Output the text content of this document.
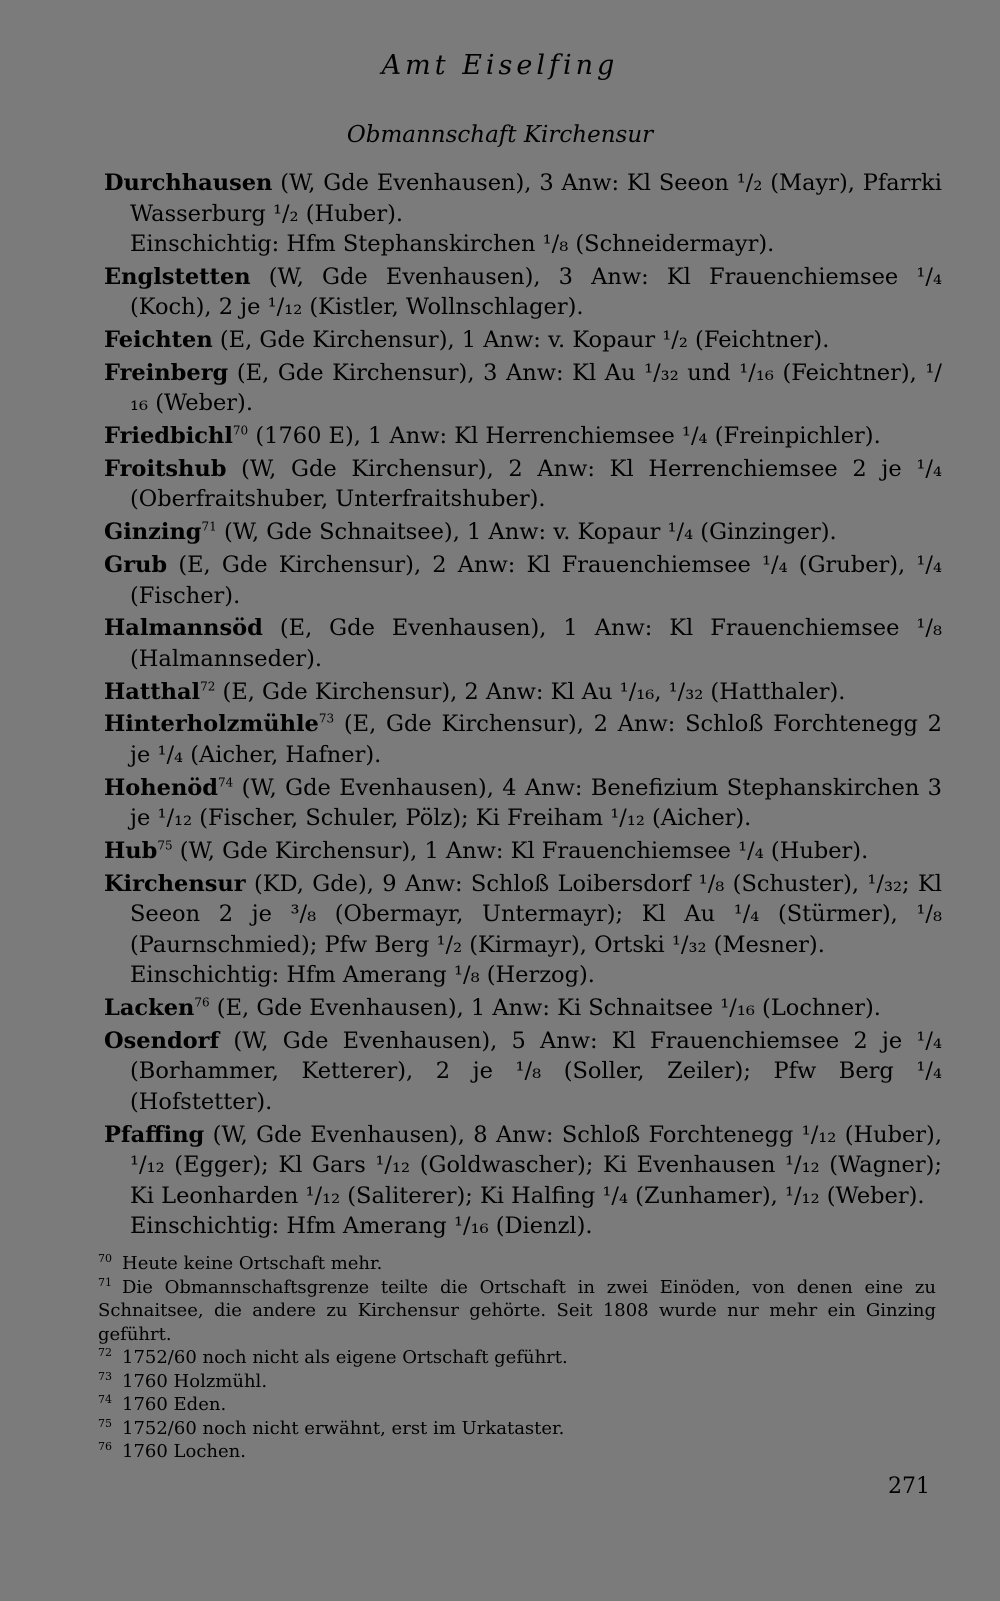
Amt Eiselfing
Obmannschaft Kirchensur

Durchhausen (W, Gde Evenhausen), 3 Anw: Kl Seeon ¹/₂ (Mayr), Pfarrki Wasserburg ¹/₂ (Huber).
Einschichtig: Hfm Stephanskirchen ¹/₈ (Schneidermayr).

Englstetten (W, Gde Evenhausen), 3 Anw: Kl Frauenchiemsee ¹/₄ (Koch), 2 je ¹/₁₂ (Kistler, Wollnschlager).

Feichten (E, Gde Kirchensur), 1 Anw: v. Kopaur ¹/₂ (Feichtner).

Freinberg (E, Gde Kirchensur), 3 Anw: Kl Au ¹/₃₂ und ¹/₁₆ (Feichtner), ¹/₁₆ (Weber).

Friedbichl$^{70}$ (1760 E), 1 Anw: Kl Herrenchiemsee ¹/₄ (Freinpichler).

Froitshub (W, Gde Kirchensur), 2 Anw: Kl Herrenchiemsee 2 je ¹/₄ (Oberfraitshuber, Unterfraitshuber).

Ginzing$^{71}$ (W, Gde Schnaitsee), 1 Anw: v. Kopaur ¹/₄ (Ginzinger).

Grub (E, Gde Kirchensur), 2 Anw: Kl Frauenchiemsee ¹/₄ (Gruber), ¹/₄ (Fischer).

Halmannsöd (E, Gde Evenhausen), 1 Anw: Kl Frauenchiemsee ¹/₈ (Halmannseder).

Hatthal$^{72}$ (E, Gde Kirchensur), 2 Anw: Kl Au ¹/₁₆, ¹/₃₂ (Hatthaler).

Hinterholzmühle$^{73}$ (E, Gde Kirchensur), 2 Anw: Schloß Forchtenegg 2 je ¹/₄ (Aicher, Hafner).

Hohenöd$^{74}$ (W, Gde Evenhausen), 4 Anw: Benefizium Stephanskirchen 3 je ¹/₁₂ (Fischer, Schuler, Pölz); Ki Freiham ¹/₁₂ (Aicher).

Hub$^{75}$ (W, Gde Kirchensur), 1 Anw: Kl Frauenchiemsee ¹/₄ (Huber).

Kirchensur (KD, Gde), 9 Anw: Schloß Loibersdorf ¹/₈ (Schuster), ¹/₃₂; Kl Seeon 2 je ³/₈ (Obermayr, Untermayr); Kl Au ¹/₄ (Stürmer), ¹/₈ (Paurnschmied); Pfw Berg ¹/₂ (Kirmayr), Ortski ¹/₃₂ (Mesner).
Einschichtig: Hfm Amerang ¹/₈ (Herzog).

Lacken$^{76}$ (E, Gde Evenhausen), 1 Anw: Ki Schnaitsee ¹/₁₆ (Lochner).

Osendorf (W, Gde Evenhausen), 5 Anw: Kl Frauenchiemsee 2 je ¹/₄ (Borhammer, Ketterer), 2 je ¹/₈ (Soller, Zeiler); Pfw Berg ¹/₄ (Hofstetter).

Pfaffing (W, Gde Evenhausen), 8 Anw: Schloß Forchtenegg ¹/₁₂ (Huber), ¹/₁₂ (Egger); Kl Gars ¹/₁₂ (Goldwascher); Ki Evenhausen ¹/₁₂ (Wagner); Ki Leonharden ¹/₁₂ (Saliterer); Ki Halfing ¹/₄ (Zunhamer), ¹/₁₂ (Weber).
Einschichtig: Hfm Amerang ¹/₁₆ (Dienzl).

$^{70}$ Heute keine Ortschaft mehr.
$^{71}$ Die Obmannschaftsgrenze teilte die Ortschaft in zwei Einöden, von denen eine zu Schnaitsee, die andere zu Kirchensur gehörte. Seit 1808 wurde nur mehr ein Ginzing geführt.
$^{72}$ 1752/60 noch nicht als eigene Ortschaft geführt.
$^{73}$ 1760 Holzmühl.
$^{74}$ 1760 Eden.
$^{75}$ 1752/60 noch nicht erwähnt, erst im Urkataster.
$^{76}$ 1760 Lochen.
271
